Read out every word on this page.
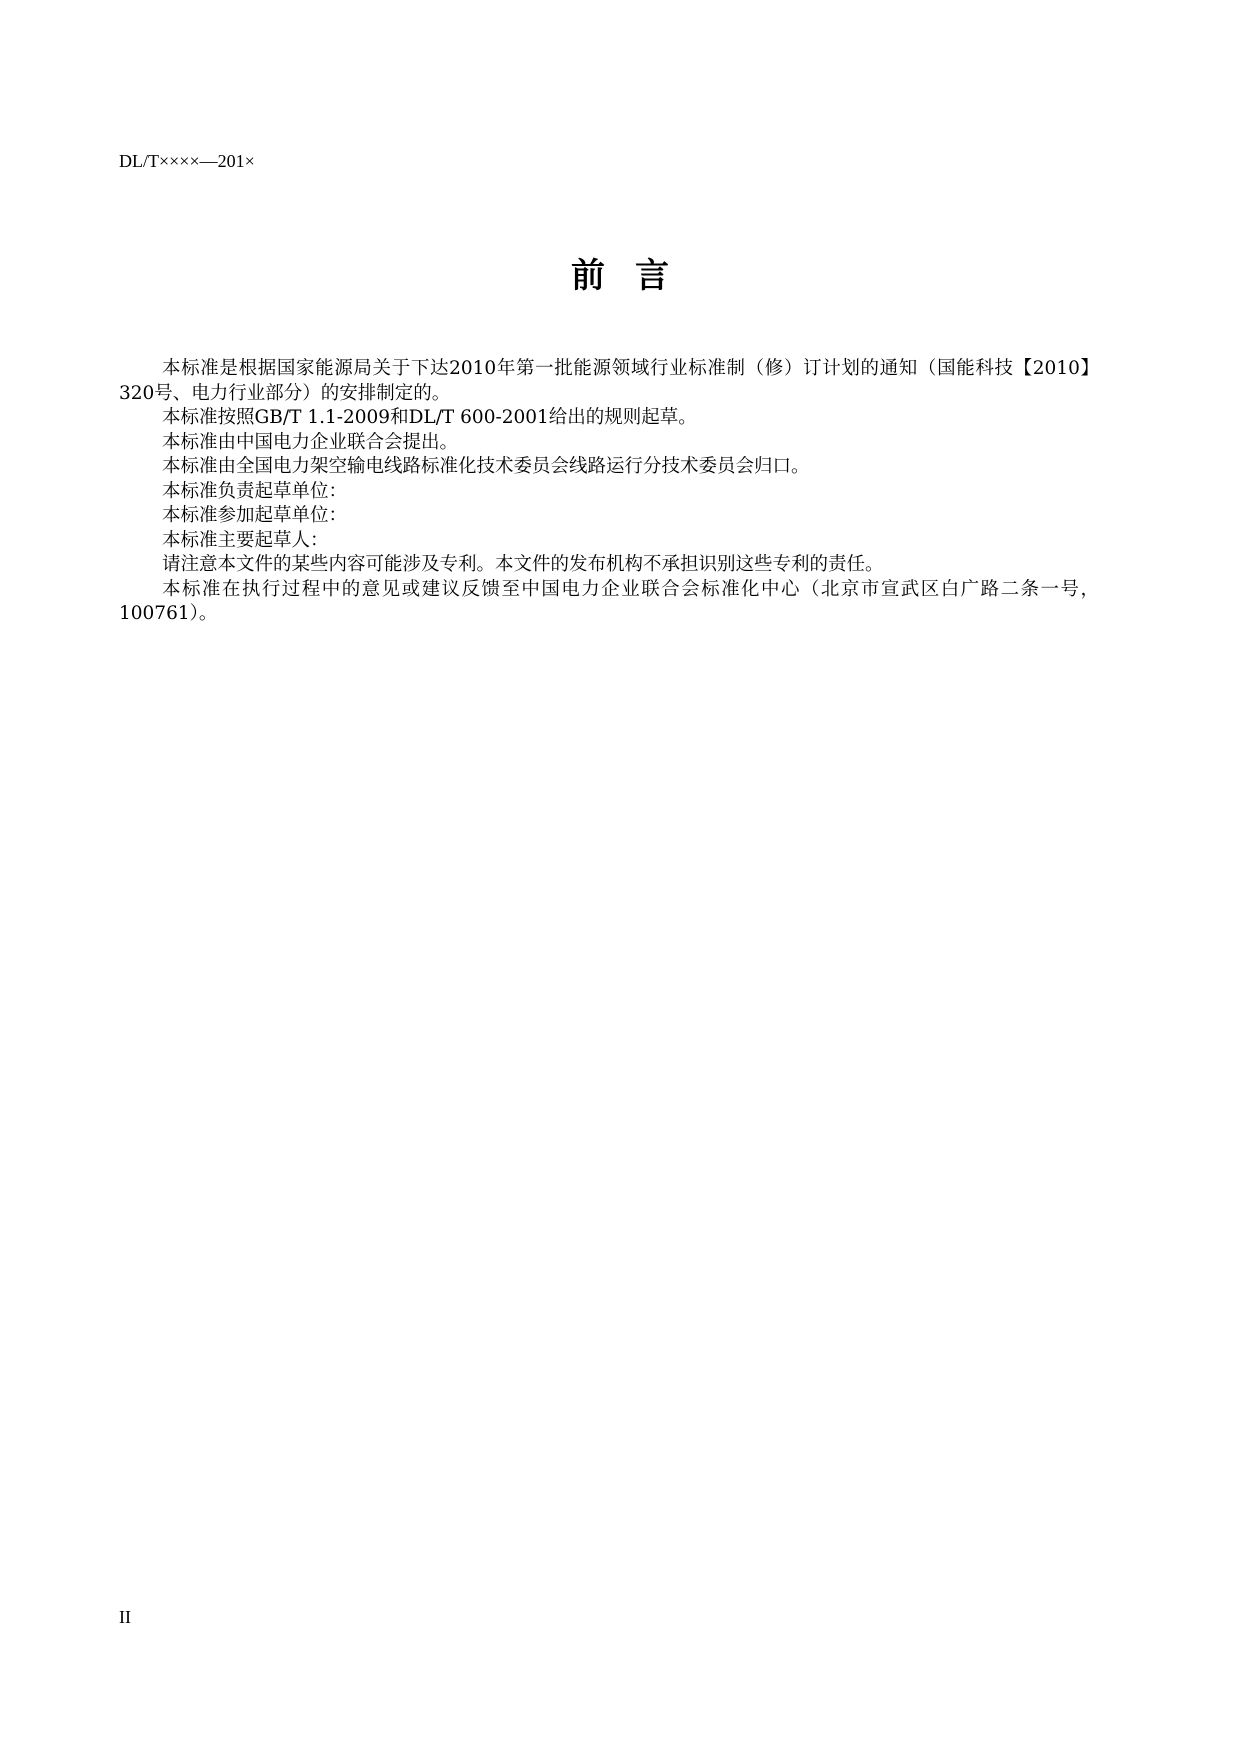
DL/T××××—201×
前言

本标准是根据国家能源局关于下达2010年第一批能源领域行业标准制（修）订计划的通知（国能科技【2010】320号、电力行业部分）的安排制定的。

本标准按照GB/T 1.1-2009和DL/T 600-2001给出的规则起草。

本标准由中国电力企业联合会提出。

本标准由全国电力架空输电线路标准化技术委员会线路运行分技术委员会归口。

本标准负责起草单位：

本标准参加起草单位：

本标准主要起草人：

请注意本文件的某些内容可能涉及专利。本文件的发布机构不承担识别这些专利的责任。

本标准在执行过程中的意见或建议反馈至中国电力企业联合会标准化中心（北京市宣武区白广路二条一号，100761）。

II
